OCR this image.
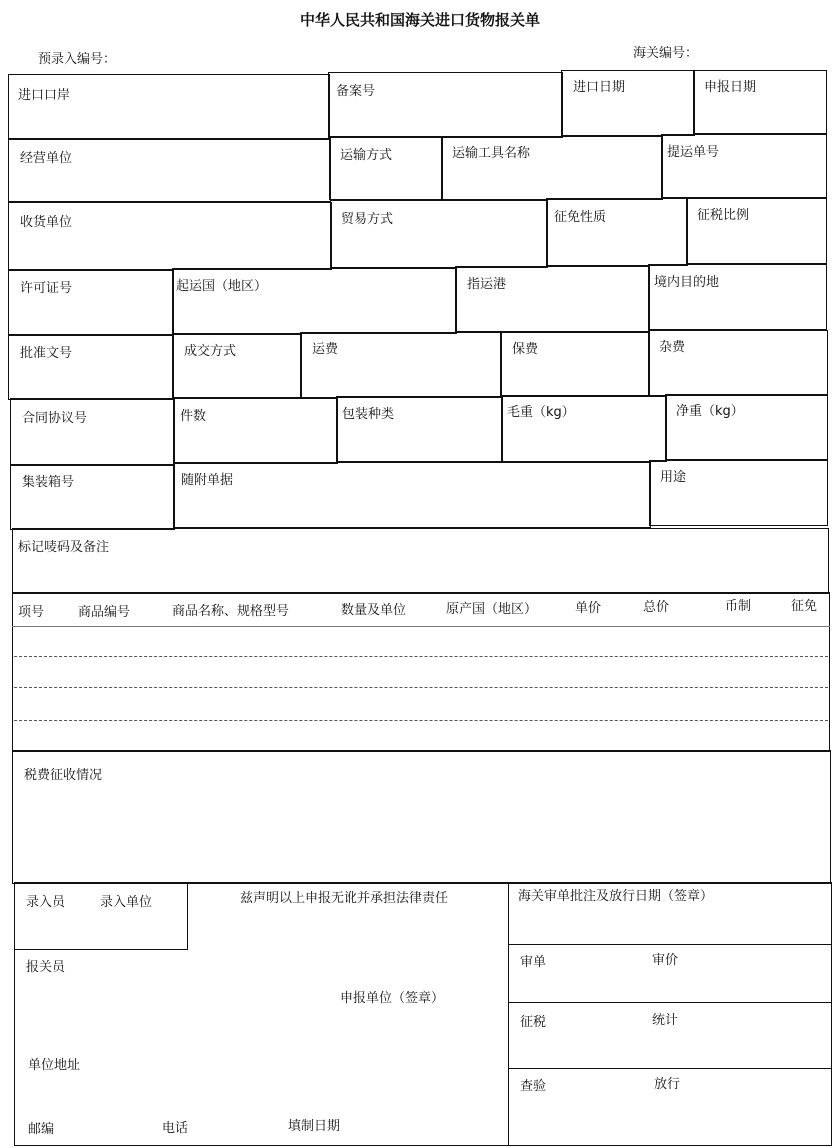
中华人民共和国海关进口货物报关单
预录入编号：	海关编号：
进口口岸	备案号	进口日期	申报日期
经营单位	运输方式	运输工具名称	提运单号
收货单位	贸易方式	征免性质	征税比例
许可证号	起运国（地区）	指运港	境内目的地
批准文号	成交方式	运费	保费	杂费
合同协议号	件数	包装种类	毛重（kg）	净重（kg）
集装箱号	随附单据	用途
标记唛码及备注
项号	商品编号	商品名称、规格型号	数量及单位	原产国（地区）	单价	总价	币制	征免
税费征收情况
录入员	录入单位	兹声明以上申报无讹并承担法律责任
报关员
申报单位（签章）
单位地址
邮编	电话	填制日期
海关审单批注及放行日期（签章）
审单	审价
征税	统计
查验	放行
